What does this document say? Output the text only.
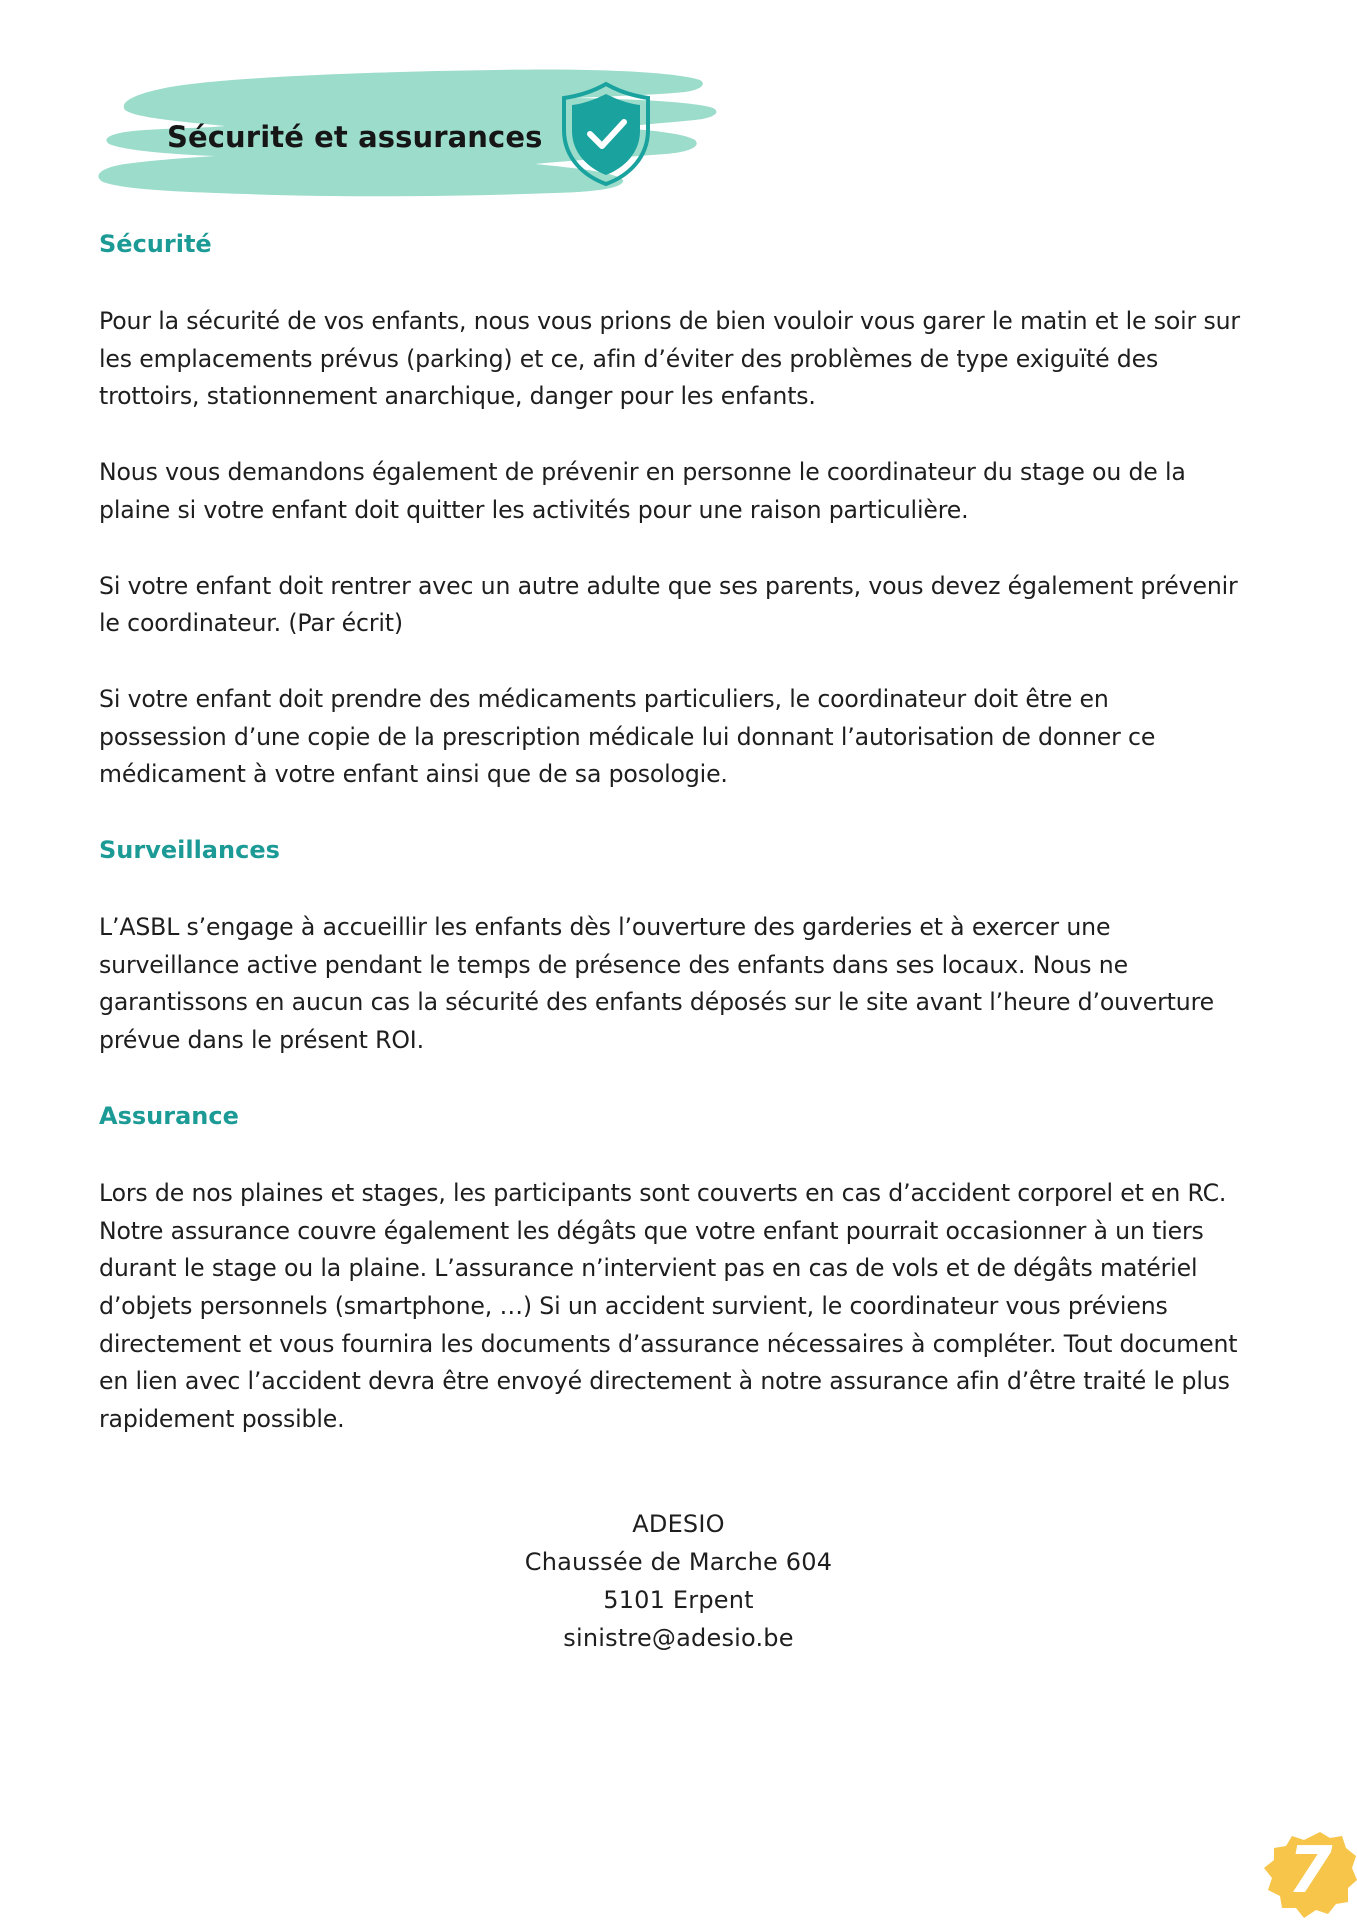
Sécurité et assurances
Sécurité

Pour la sécurité de vos enfants, nous vous prions de bien vouloir vous garer le matin et le soir sur
les emplacements prévus (parking) et ce, afin d’éviter des problèmes de type exiguïté des
trottoirs, stationnement anarchique, danger pour les enfants.

Nous vous demandons également de prévenir en personne le coordinateur du stage ou de la
plaine si votre enfant doit quitter les activités pour une raison particulière.

Si votre enfant doit rentrer avec un autre adulte que ses parents, vous devez également prévenir
le coordinateur. (Par écrit)

Si votre enfant doit prendre des médicaments particuliers, le coordinateur doit être en
possession d’une copie de la prescription médicale lui donnant l’autorisation de donner ce
médicament à votre enfant ainsi que de sa posologie.

Surveillances

L’ASBL s’engage à accueillir les enfants dès l’ouverture des garderies et à exercer une
surveillance active pendant le temps de présence des enfants dans ses locaux. Nous ne
garantissons en aucun cas la sécurité des enfants déposés sur le site avant l’heure d’ouverture
prévue dans le présent ROI.

Assurance

Lors de nos plaines et stages, les participants sont couverts en cas d’accident corporel et en RC.
Notre assurance couvre également les dégâts que votre enfant pourrait occasionner à un tiers
durant le stage ou la plaine. L’assurance n’intervient pas en cas de vols et de dégâts matériel
d’objets personnels (smartphone, …) Si un accident survient, le coordinateur vous préviens
directement et vous fournira les documents d’assurance nécessaires à compléter. Tout document
en lien avec l’accident devra être envoyé directement à notre assurance afin d’être traité le plus
rapidement possible.

ADESIO
Chaussée de Marche 604
5101 Erpent
sinistre@adesio.be
7
